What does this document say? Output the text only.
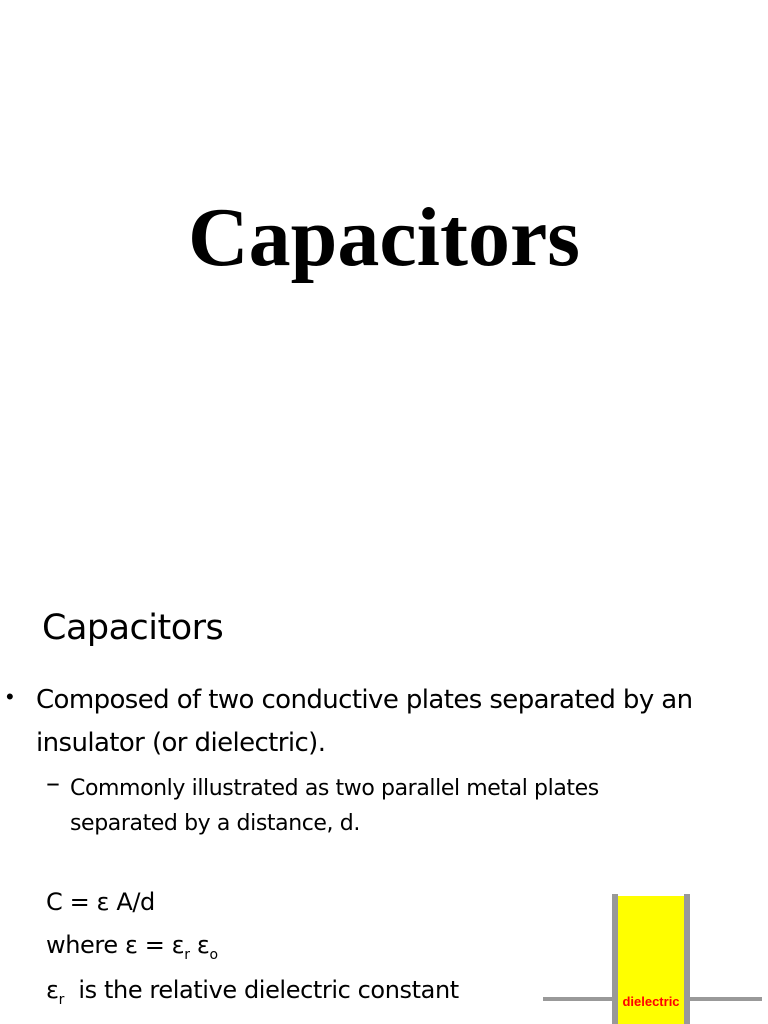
Capacitors
Capacitors
• Composed of two conductive plates separated by an insulator (or dielectric).
– Commonly illustrated as two parallel metal plates separated by a distance, d.
C = ε A/d
where $\varepsilon = \varepsilon_r$ $\varepsilon_o$
$\varepsilon_r$  is the relative dielectric constant	dielectric
